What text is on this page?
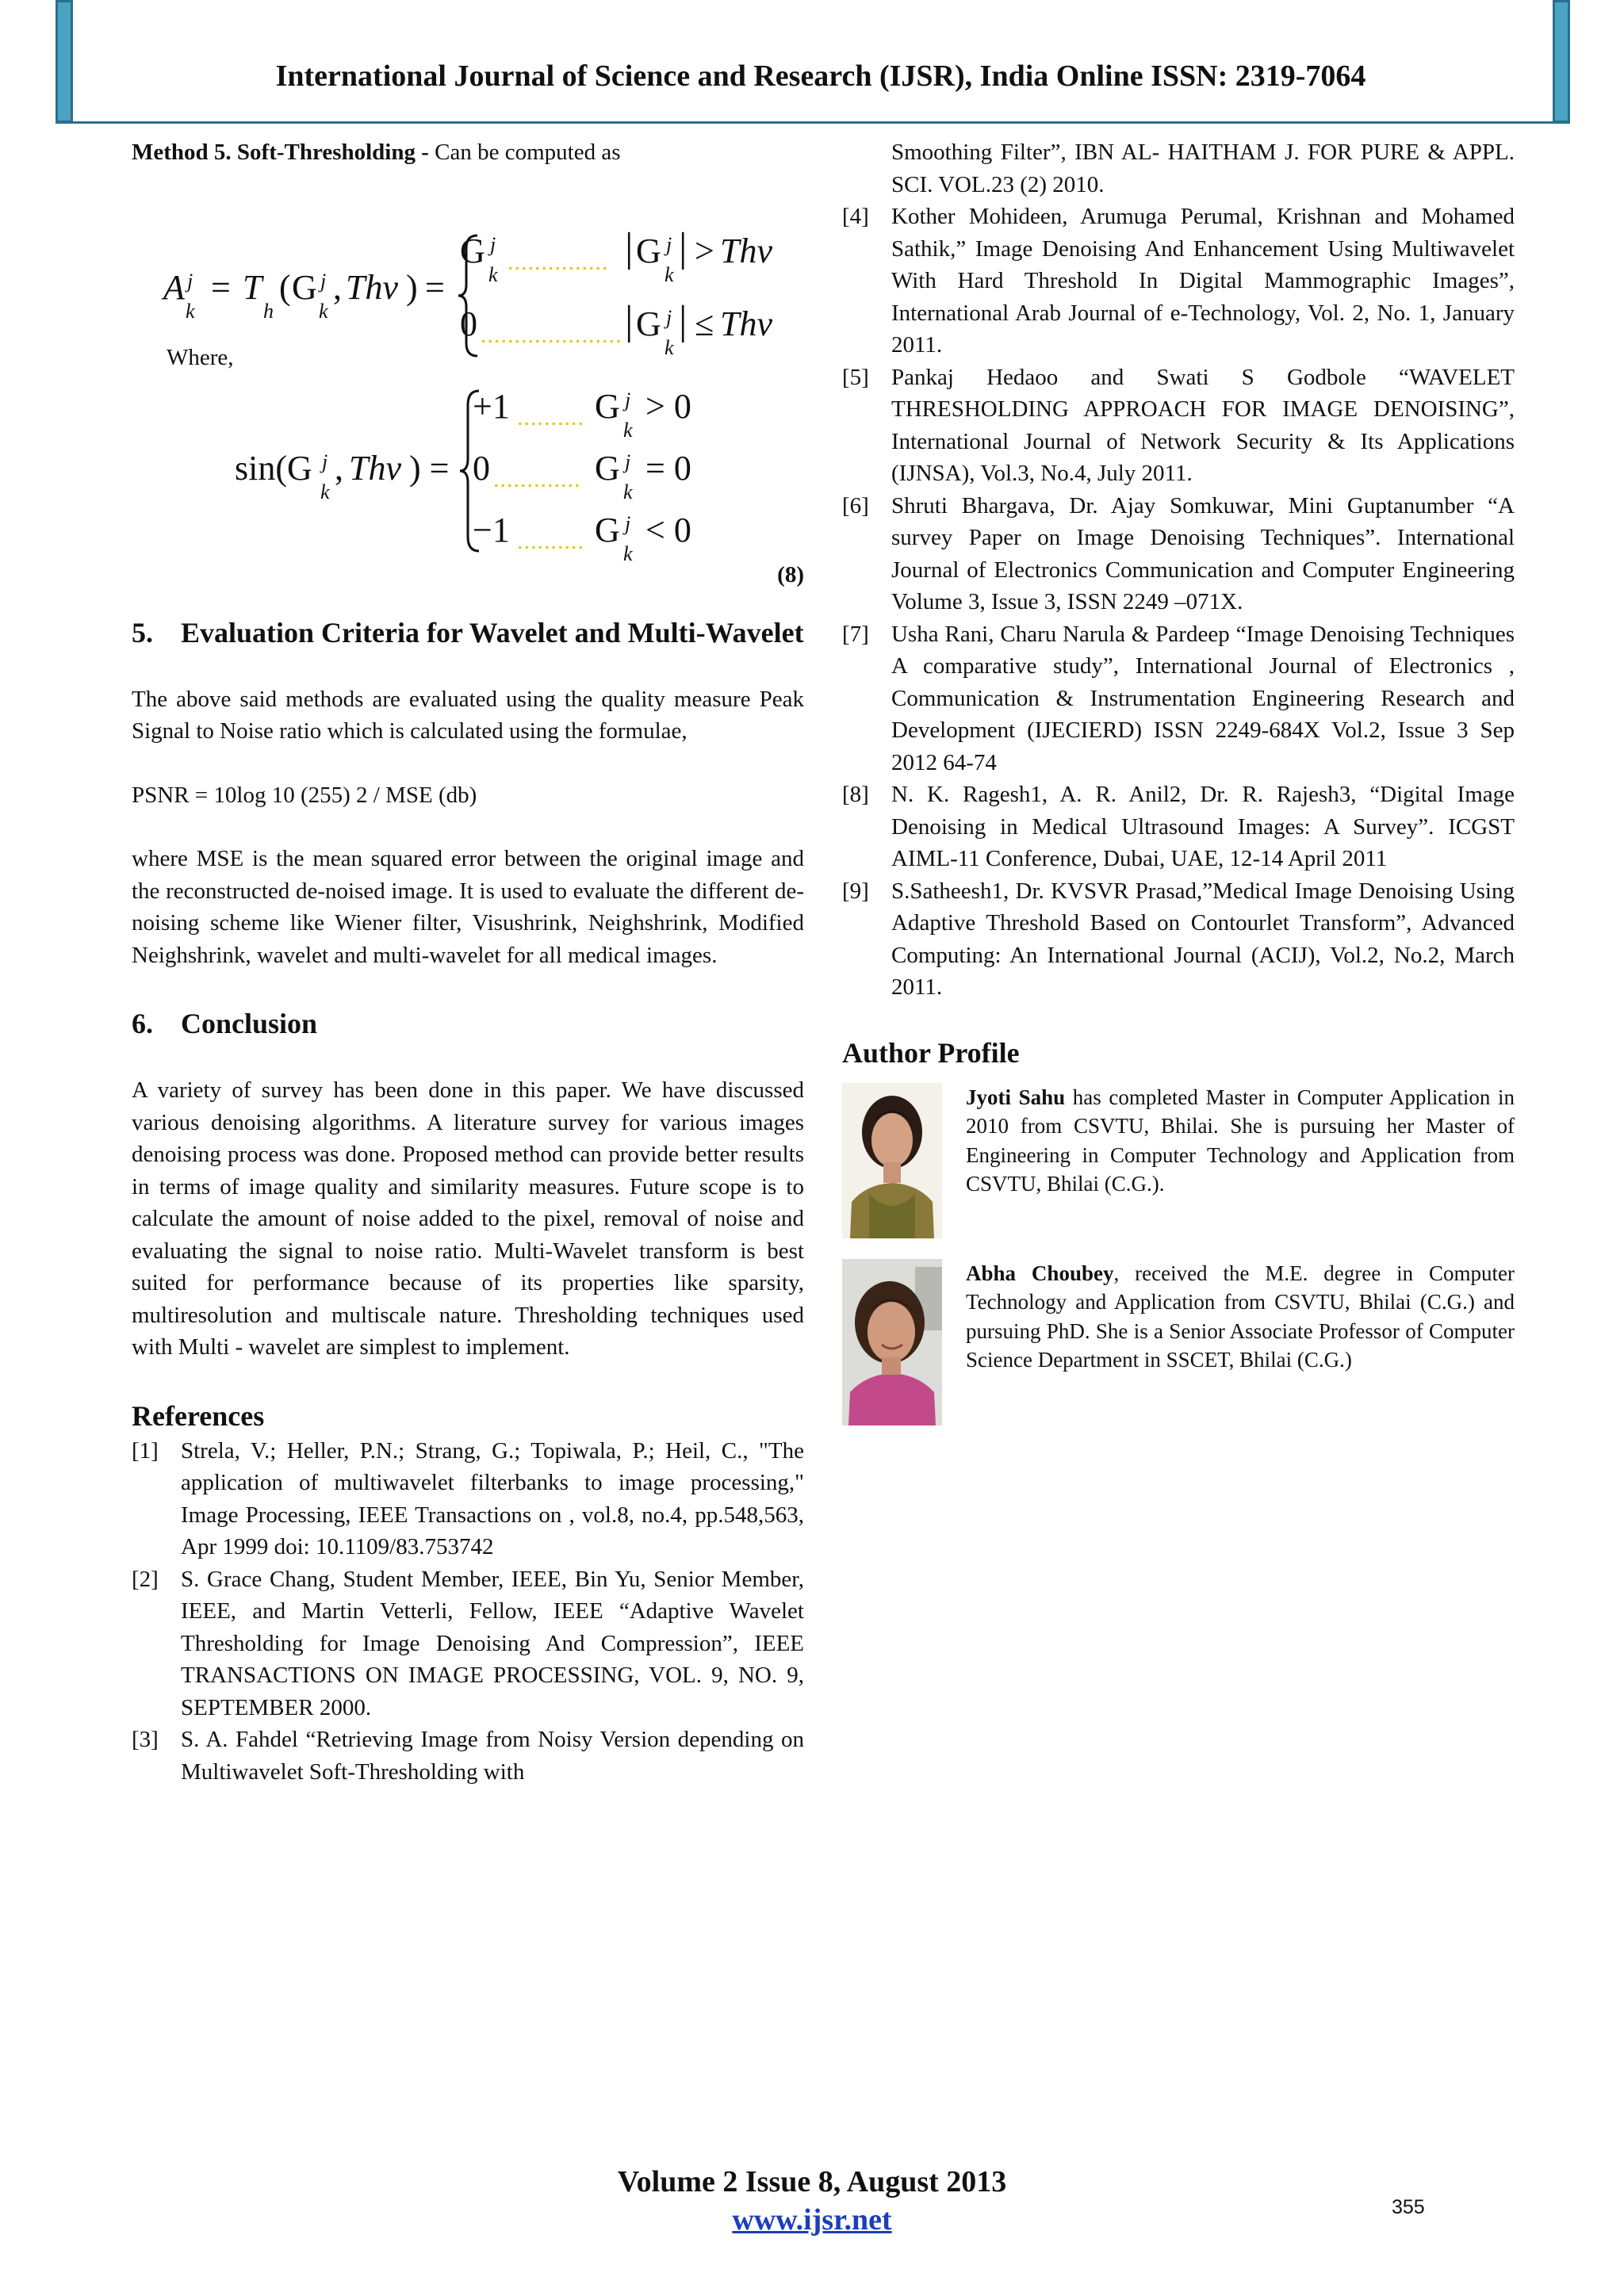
International Journal of Science and Research (IJSR), India Online ISSN: 2319-7064

Method 5. Soft-Thresholding - Can be computed as

A j
k
= T
h
( G j
k
, Thv ) =
G j
k ............... | G j
k
| > Thv
0 ..................... | G j
k
| ≤ Thv

Where,

sin(G j
k
, Thv ) =
+1 .......... G j
k
> 0
0 ............. G j
k
= 0
−1 .......... G j
k
< 0

(8)

5. Evaluation Criteria for Wavelet and Multi-Wavelet

The above said methods are evaluated using the quality measure Peak Signal to Noise ratio which is calculated using the formulae,

PSNR = 10log 10 (255) 2 / MSE (db)

where MSE is the mean squared error between the original image and the reconstructed de-noised image. It is used to evaluate the different de-noising scheme like Wiener filter, Visushrink, Neighshrink, Modified Neighshrink, wavelet and multi-wavelet for all medical images.

6. Conclusion

A variety of survey has been done in this paper. We have discussed various denoising algorithms. A literature survey for various images denoising process was done. Proposed method can provide better results in terms of image quality and similarity measures. Future scope is to calculate the amount of noise added to the pixel, removal of noise and evaluating the signal to noise ratio. Multi-Wavelet transform is best suited for performance because of its properties like sparsity, multiresolution and multiscale nature. Thresholding techniques used with Multi - wavelet are simplest to implement.

References
[1] Strela, V.; Heller, P.N.; Strang, G.; Topiwala, P.; Heil, C., "The application of multiwavelet filterbanks to image processing," Image Processing, IEEE Transactions on , vol.8, no.4, pp.548,563, Apr 1999 doi: 10.1109/83.753742
[2] S. Grace Chang, Student Member, IEEE, Bin Yu, Senior Member, IEEE, and Martin Vetterli, Fellow, IEEE “Adaptive Wavelet Thresholding for Image Denoising And Compression”, IEEE TRANSACTIONS ON IMAGE PROCESSING, VOL. 9, NO. 9, SEPTEMBER 2000.
[3] S. A. Fahdel “Retrieving Image from Noisy Version depending on Multiwavelet Soft-Thresholding with
Smoothing Filter”, IBN AL- HAITHAM J. FOR PURE & APPL. SCI. VOL.23 (2) 2010.
[4] Kother Mohideen, Arumuga Perumal, Krishnan and Mohamed Sathik,” Image Denoising And Enhancement Using Multiwavelet With Hard Threshold In Digital Mammographic Images”, International Arab Journal of e-Technology, Vol. 2, No. 1, January 2011.
[5] Pankaj Hedaoo and Swati S Godbole “WAVELET THRESHOLDING APPROACH FOR IMAGE DENOISING”, International Journal of Network Security & Its Applications (IJNSA), Vol.3, No.4, July 2011.
[6] Shruti Bhargava, Dr. Ajay Somkuwar, Mini Guptanumber “A survey Paper on Image Denoising Techniques”. International Journal of Electronics Communication and Computer Engineering Volume 3, Issue 3, ISSN 2249 –071X.
[7] Usha Rani, Charu Narula & Pardeep “Image Denoising Techniques A comparative study”, International Journal of Electronics , Communication & Instrumentation Engineering Research and Development (IJECIERD) ISSN 2249-684X Vol.2, Issue 3 Sep 2012 64-74
[8] N. K. Ragesh1, A. R. Anil2, Dr. R. Rajesh3, “Digital Image Denoising in Medical Ultrasound Images: A Survey”. ICGST AIML-11 Conference, Dubai, UAE, 12-14 April 2011
[9] S.Satheesh1, Dr. KVSVR Prasad,”Medical Image Denoising Using Adaptive Threshold Based on Contourlet Transform”, Advanced Computing: An International Journal (ACIJ), Vol.2, No.2, March 2011.
Author Profile
Jyoti Sahu has completed Master in Computer Application in 2010 from CSVTU, Bhilai. She is pursuing her Master of Engineering in Computer Technology and Application from CSVTU, Bhilai (C.G.).
Abha Choubey, received the M.E. degree in Computer Technology and Application from CSVTU, Bhilai (C.G.) and pursuing PhD. She is a Senior Associate Professor of Computer Science Department in SSCET, Bhilai (C.G.)
Volume 2 Issue 8, August 2013
www.ijsr.net	355
